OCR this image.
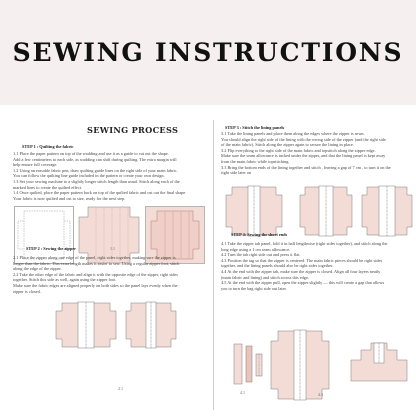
SEWING INSTRUCTIONS
SEWING PROCESS
STEP 1 : Quilting the fabric

1.1 Place the paper pattern on top of the wadding and use it as a guide to cut out the shape.

Add a few centimeters to each side, as wadding can shift during quilting. The extra margin will

help ensure full coverage.

1.2 Using an erasable fabric pen, draw quilting guide lines on the right side of your main fabric.

You can follow the quilting line guide included in the pattern or create your own design.

1.3 Set your sewing machine to a slightly longer stitch length than usual. Stitch along each of the

marked lines to create the quilted effect.

1.4 Once quilted, place the paper pattern back on top of the quilted fabric and cut out the final shape.

Your fabric is now quilted and cut to size, ready for the next step.

1.1
STEP 2 : Sewing the zipper

2.1 Place the zipper along one edge of the panel, right sides together, making sure the zipper is

longer than the fabric. This extra length makes it easier to sew. Using a regular zipper foot, stitch

along the edge of the zipper.

2.2 Take the other edge of the fabric and align it with the opposite edge of the zipper, right sides

together. Stitch this side as well, again using the zipper foot.

Make sure the fabric edges are aligned properly on both sides so the panel lays evenly when the

zipper is closed.

STEP 3 : Stitch the lining panels

3.1 Take the lining panels and place them along the edges where the zipper is sewn.

You should align the right side of the lining with the wrong side of the zipper (and the right side

of the main fabric). Stitch along the zipper again to secure the lining in place.

3.2 Flip everything to the right side of the main fabric and topstitch along the zipper edge.

Make sure the seam allowance is tucked under the zipper, and that the lining panel is kept away

from the main fabric while topstitching.

3.3 Bring the bottom ends of the lining together and stitch , leaving a gap of 7 cm , to turn it on the

right side later on

STEP 4: Sewing the short ends

4.1 Take the zipper tab panel, fold it in half lengthwise (right sides together), and stitch along the

long edge using a 1 cm seam allowance.

4.2 Turn the tab right side out and press it flat.

4.3 Position the tag so that the zipper is centered. The main fabric pieces should be right sides

together, and the lining panels should also be right sides together.

4.4 At the end with the zipper tab, make sure the zipper is closed. Align all four layers neatly

(main fabric and lining) and stitch across this edge.

4.5 At the end with the zipper pull, open the zipper slightly — this will create a gap that allows

you to turn the bag right side out later.

2.1
4.1	4.3
